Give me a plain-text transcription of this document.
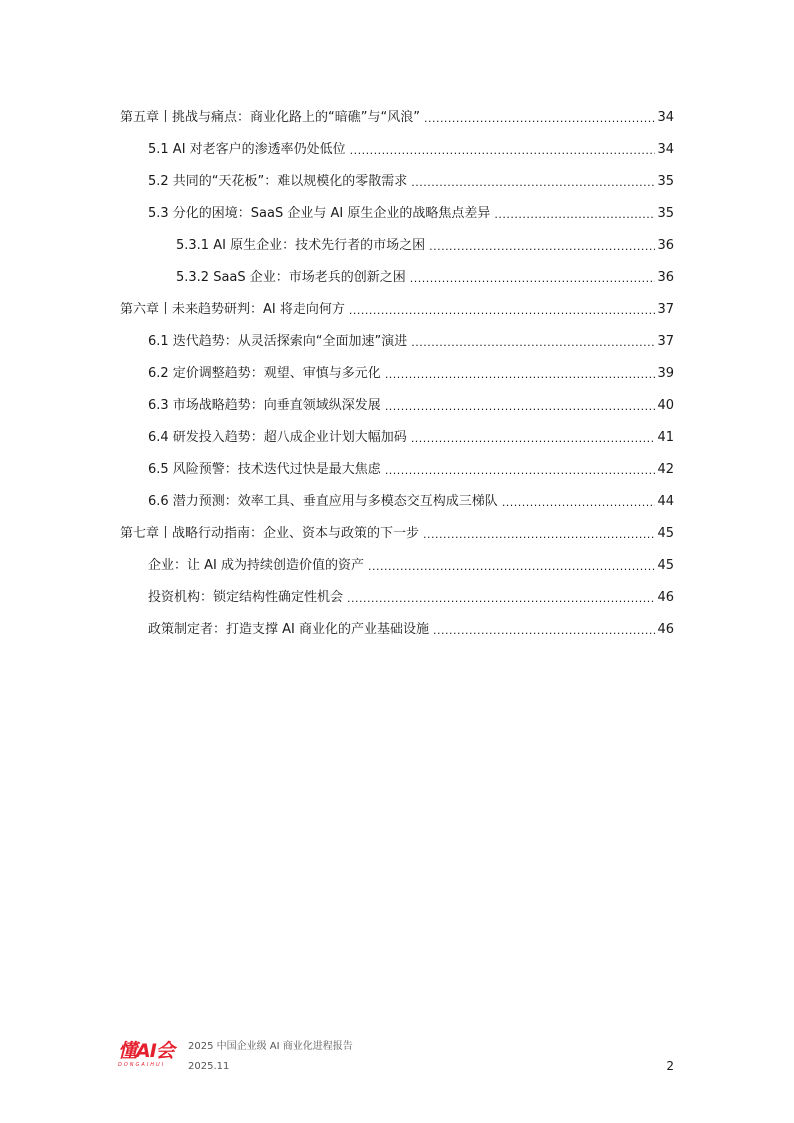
第五章丨挑战与痛点：商业化路上的“暗礁”与“风浪” .....	34
5.1 AI 对老客户的渗透率仍处低位 .....	34
5.2 共同的“天花板”：难以规模化的零散需求 .....	35
5.3 分化的困境：SaaS 企业与 AI 原生企业的战略焦点差异 .....	35
5.3.1 AI 原生企业：技术先行者的市场之困 .....	36
5.3.2 SaaS 企业：市场老兵的创新之困 .....	36
第六章丨未来趋势研判：AI 将走向何方 .....	37
6.1 迭代趋势：从灵活探索向“全面加速”演进 .....	37
6.2 定价调整趋势：观望、审慎与多元化 .....	39
6.3 市场战略趋势：向垂直领域纵深发展 .....	40
6.4 研发投入趋势：超八成企业计划大幅加码 .....	41
6.5 风险预警：技术迭代过快是最大焦虑 .....	42
6.6 潜力预测：效率工具、垂直应用与多模态交互构成三梯队 .....	44
第七章丨战略行动指南：企业、资本与政策的下一步 .....	45
企业：让 AI 成为持续创造价值的资产 .....	45
投资机构：锁定结构性确定性机会 .....	46
政策制定者：打造支撑 AI 商业化的产业基础设施 .....	46
懂AI会
DONGAIHUI
2025 中国企业级 AI 商业化进程报告
2025.11	2
